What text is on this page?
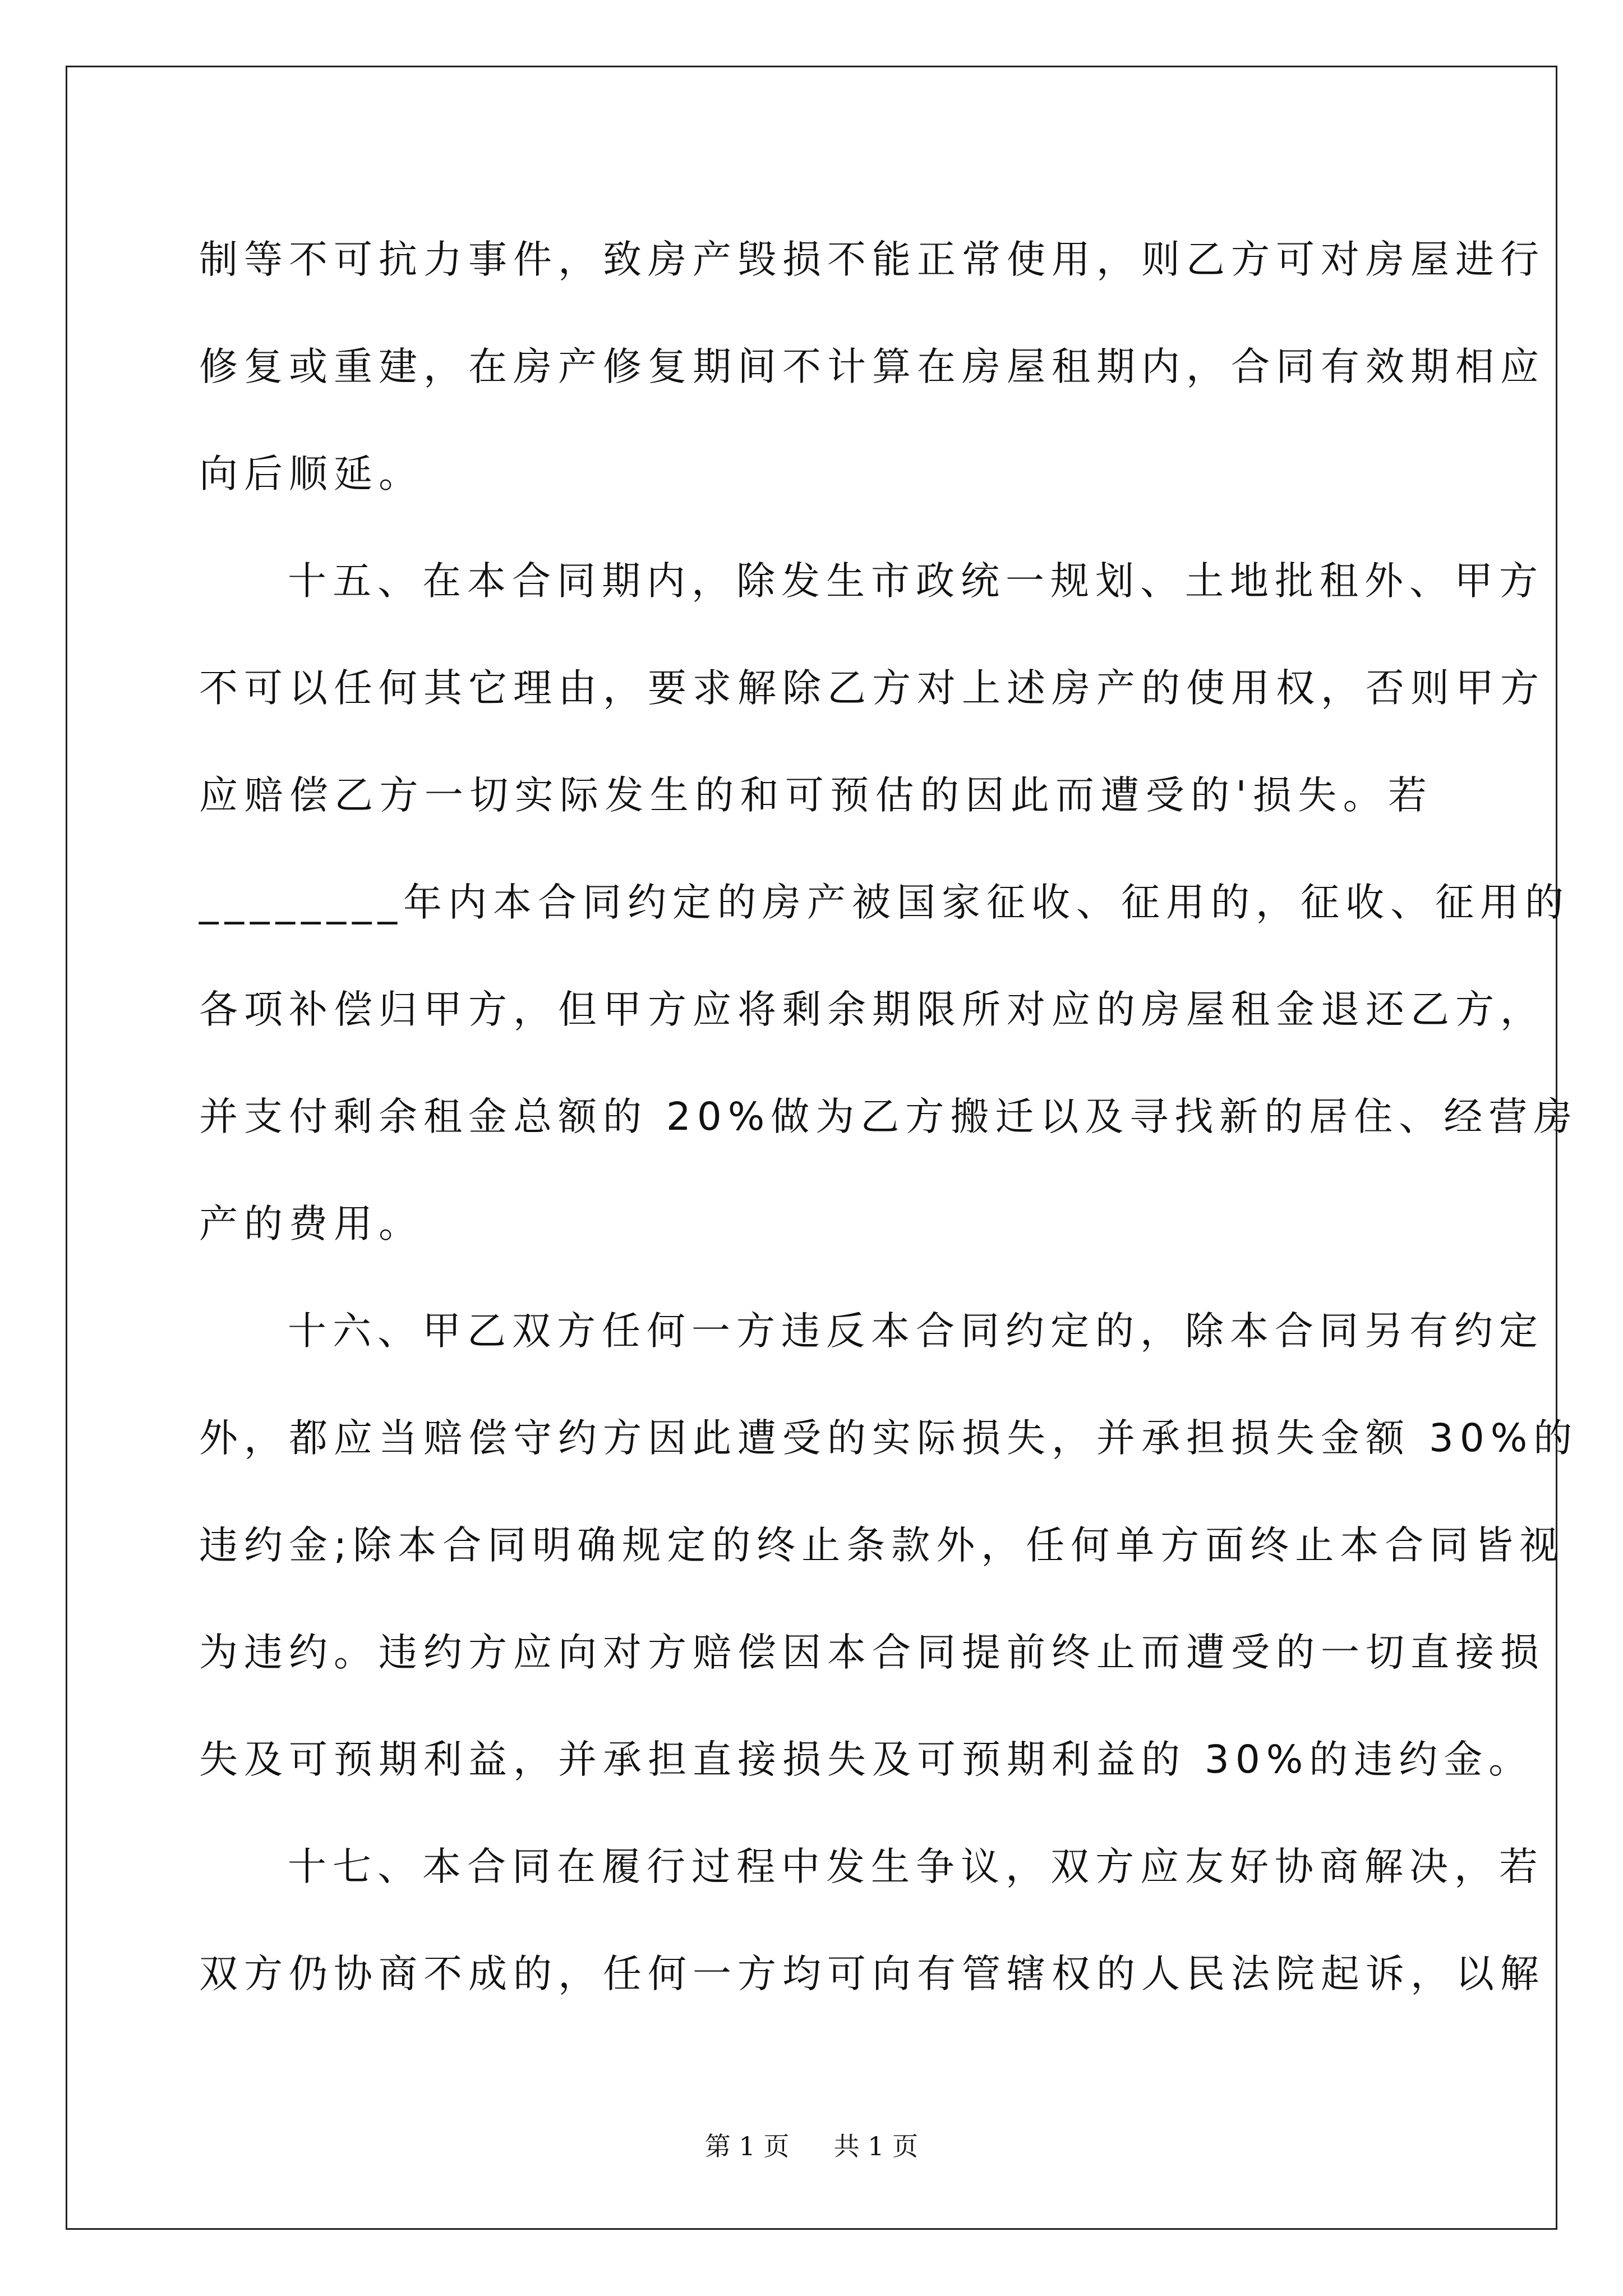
制等不可抗力事件，致房产毁损不能正常使用，则乙方可对房屋进行
修复或重建，在房产修复期间不计算在房屋租期内，合同有效期相应
向后顺延。
十五、在本合同期内，除发生市政统一规划、土地批租外、甲方
不可以任何其它理由，要求解除乙方对上述房产的使用权，否则甲方
应赔偿乙方一切实际发生的和可预估的因此而遭受的'损失。若
________年内本合同约定的房产被国家征收、征用的，征收、征用的
各项补偿归甲方，但甲方应将剩余期限所对应的房屋租金退还乙方，
并支付剩余租金总额的 20%做为乙方搬迁以及寻找新的居住、经营房
产的费用。
十六、甲乙双方任何一方违反本合同约定的，除本合同另有约定
外，都应当赔偿守约方因此遭受的实际损失，并承担损失金额 30%的
违约金;除本合同明确规定的终止条款外，任何单方面终止本合同皆视
为违约。违约方应向对方赔偿因本合同提前终止而遭受的一切直接损
失及可预期利益，并承担直接损失及可预期利益的 30%的违约金。
十七、本合同在履行过程中发生争议，双方应友好协商解决，若
双方仍协商不成的，任何一方均可向有管辖权的人民法院起诉，以解
第 1 页 共 1 页
